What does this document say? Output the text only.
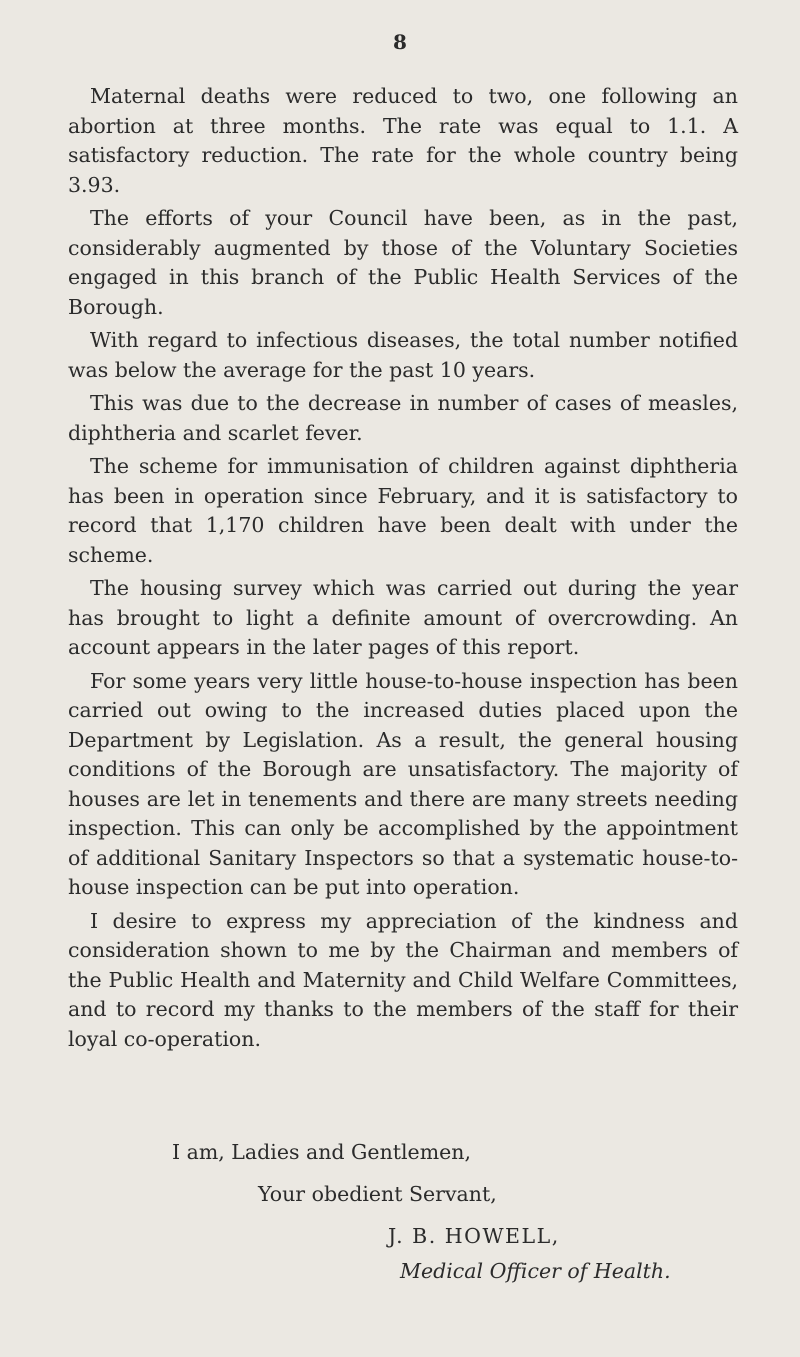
8

Maternal deaths were reduced to two, one following an abortion at three months. The rate was equal to 1.1. A satisfactory reduction. The rate for the whole country being 3.93.

The efforts of your Council have been, as in the past, considerably augmented by those of the Voluntary Societies engaged in this branch of the Public Health Services of the Borough.

With regard to infectious diseases, the total number notified was below the average for the past 10 years.

This was due to the decrease in number of cases of measles, diphtheria and scarlet fever.

The scheme for immunisation of children against diphtheria has been in operation since February, and it is satisfactory to record that 1,170 children have been dealt with under the scheme.

The housing survey which was carried out during the year has brought to light a definite amount of overcrowding. An account appears in the later pages of this report.

For some years very little house-to-house inspection has been carried out owing to the increased duties placed upon the Department by Legislation. As a result, the general housing conditions of the Borough are unsatisfactory. The majority of houses are let in tenements and there are many streets needing inspection. This can only be accomplished by the appointment of additional Sanitary Inspectors so that a systematic house-to-house inspection can be put into operation.

I desire to express my appreciation of the kindness and consideration shown to me by the Chairman and members of the Public Health and Maternity and Child Welfare Committees, and to record my thanks to the members of the staff for their loyal co-operation.

I am, Ladies and Gentlemen,
Your obedient Servant,
J. B. HOWELL,
Medical Officer of Health.
